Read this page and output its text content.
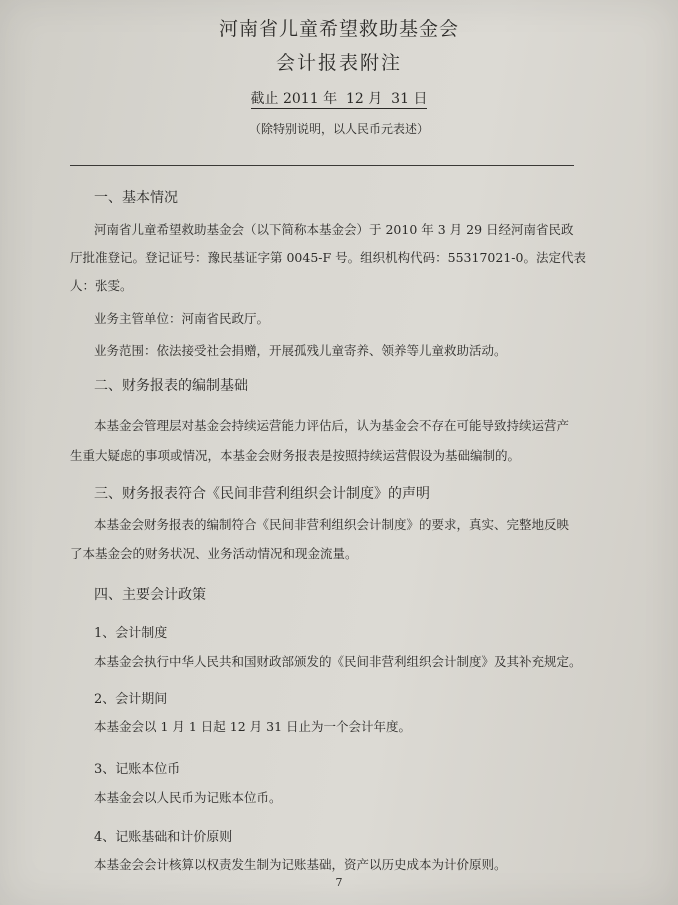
河南省儿童希望救助基金会
会计报表附注
截止 2011 年 12 月 31 日
（除特别说明，以人民币元表述）
一、基本情况
河南省儿童希望救助基金会（以下简称本基金会）于 2010 年 3 月 29 日经河南省民政
厅批准登记。登记证号：豫民基证字第 0045-F 号。组织机构代码：55317021-0。法定代表
人：张雯。
业务主管单位：河南省民政厅。
业务范围：依法接受社会捐赠，开展孤残儿童寄养、领养等儿童救助活动。
二、财务报表的编制基础
本基金会管理层对基金会持续运营能力评估后，认为基金会不存在可能导致持续运营产
生重大疑虑的事项或情况，本基金会财务报表是按照持续运营假设为基础编制的。
三、财务报表符合《民间非营利组织会计制度》的声明
本基金会财务报表的编制符合《民间非营利组织会计制度》的要求，真实、完整地反映
了本基金会的财务状况、业务活动情况和现金流量。
四、主要会计政策
1、会计制度
本基金会执行中华人民共和国财政部颁发的《民间非营利组织会计制度》及其补充规定。
2、会计期间
本基金会以 1 月 1 日起 12 月 31 日止为一个会计年度。
3、记账本位币
本基金会以人民币为记账本位币。
4、记账基础和计价原则
本基金会会计核算以权责发生制为记账基础，资产以历史成本为计价原则。
7
